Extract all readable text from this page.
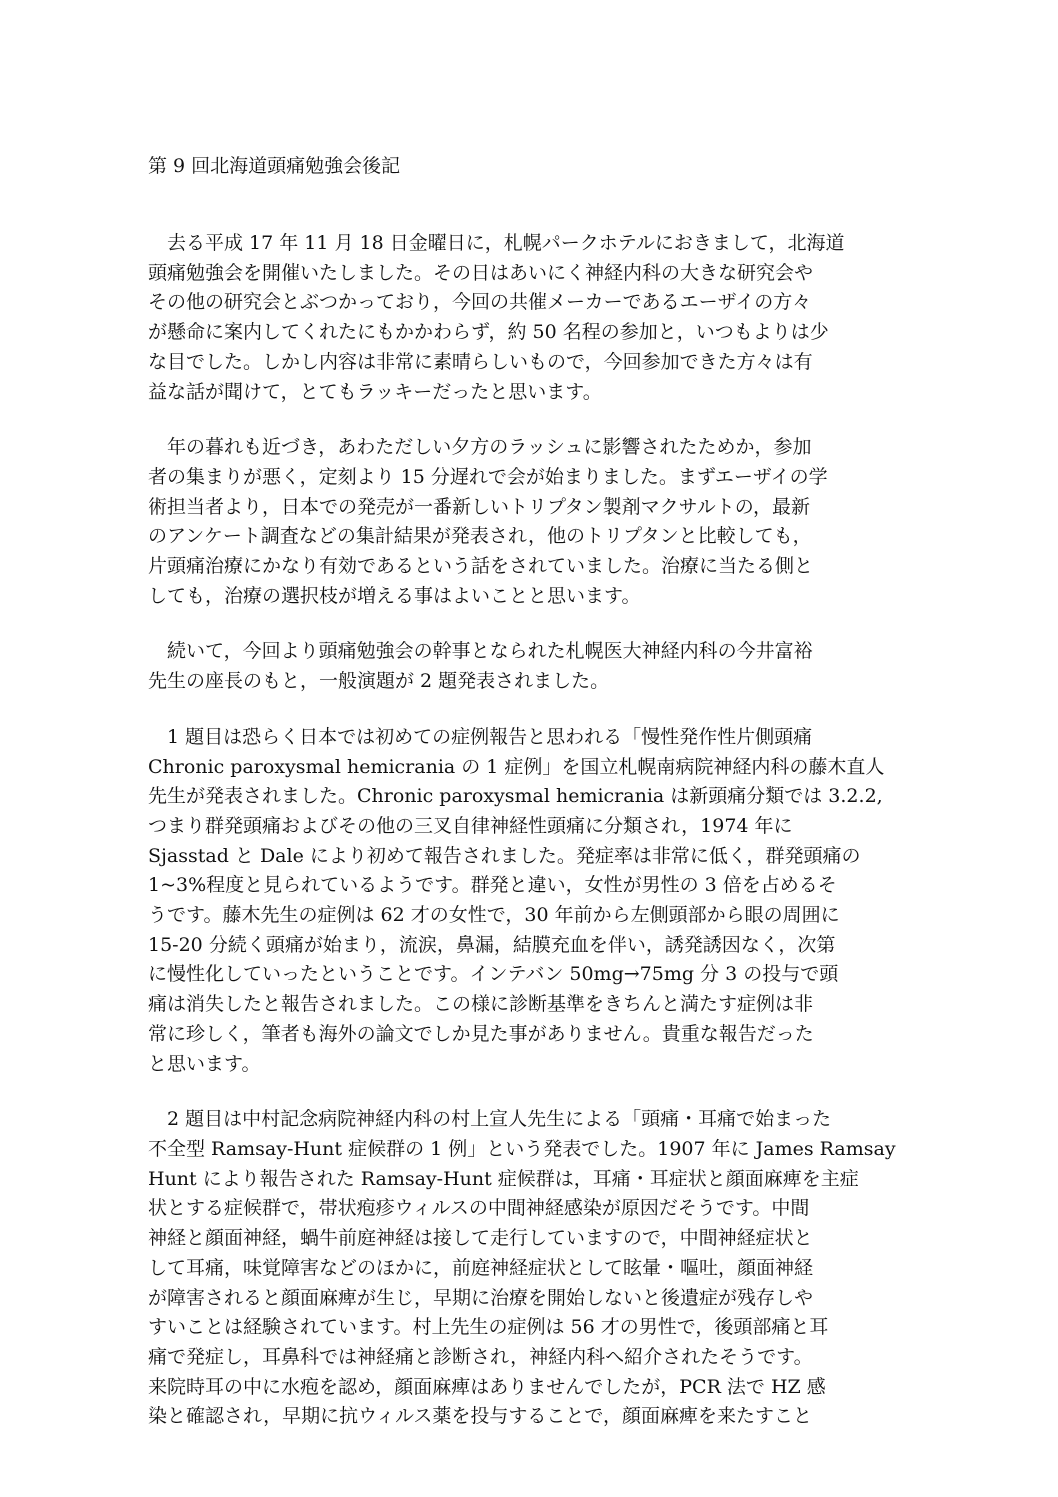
第 9 回北海道頭痛勉強会後記

　去る平成 17 年 11 月 18 日金曜日に，札幌パークホテルにおきまして，北海道
頭痛勉強会を開催いたしました。その日はあいにく神経内科の大きな研究会や
その他の研究会とぶつかっており，今回の共催メーカーであるエーザイの方々
が懸命に案内してくれたにもかかわらず，約 50 名程の参加と，いつもよりは少
な目でした。しかし内容は非常に素晴らしいもので，今回参加できた方々は有
益な話が聞けて，とてもラッキーだったと思います。

　年の暮れも近づき，あわただしい夕方のラッシュに影響されたためか，参加
者の集まりが悪く，定刻より 15 分遅れで会が始まりました。まずエーザイの学
術担当者より，日本での発売が一番新しいトリプタン製剤マクサルトの，最新
のアンケート調査などの集計結果が発表され，他のトリプタンと比較しても，
片頭痛治療にかなり有効であるという話をされていました。治療に当たる側と
しても，治療の選択枝が増える事はよいことと思います。

　続いて，今回より頭痛勉強会の幹事となられた札幌医大神経内科の今井富裕
先生の座長のもと，一般演題が 2 題発表されました。

　1 題目は恐らく日本では初めての症例報告と思われる「慢性発作性片側頭痛
Chronic paroxysmal hemicrania の 1 症例」を国立札幌南病院神経内科の藤木直人
先生が発表されました。Chronic paroxysmal hemicrania は新頭痛分類では 3.2.2,
つまり群発頭痛およびその他の三叉自律神経性頭痛に分類され，1974 年に
Sjasstad と Dale により初めて報告されました。発症率は非常に低く，群発頭痛の
1~3%程度と見られているようです。群発と違い，女性が男性の 3 倍を占めるそ
うです。藤木先生の症例は 62 才の女性で，30 年前から左側頭部から眼の周囲に
15-20 分続く頭痛が始まり，流涙，鼻漏，結膜充血を伴い，誘発誘因なく，次第
に慢性化していったということです。インテバン 50mg→75mg 分 3 の投与で頭
痛は消失したと報告されました。この様に診断基準をきちんと満たす症例は非
常に珍しく，筆者も海外の論文でしか見た事がありません。貴重な報告だった
と思います。

　2 題目は中村記念病院神経内科の村上宣人先生による「頭痛・耳痛で始まった
不全型 Ramsay-Hunt 症候群の 1 例」という発表でした。1907 年に James Ramsay
Hunt により報告された Ramsay-Hunt 症候群は，耳痛・耳症状と顔面麻痺を主症
状とする症候群で，帯状疱疹ウィルスの中間神経感染が原因だそうです。中間
神経と顔面神経，蝸牛前庭神経は接して走行していますので，中間神経症状と
して耳痛，味覚障害などのほかに，前庭神経症状として眩暈・嘔吐，顔面神経
が障害されると顔面麻痺が生じ，早期に治療を開始しないと後遺症が残存しや
すいことは経験されています。村上先生の症例は 56 才の男性で，後頭部痛と耳
痛で発症し，耳鼻科では神経痛と診断され，神経内科へ紹介されたそうです。
来院時耳の中に水疱を認め，顔面麻痺はありませんでしたが，PCR 法で HZ 感
染と確認され，早期に抗ウィルス薬を投与することで，顔面麻痺を来たすこと
